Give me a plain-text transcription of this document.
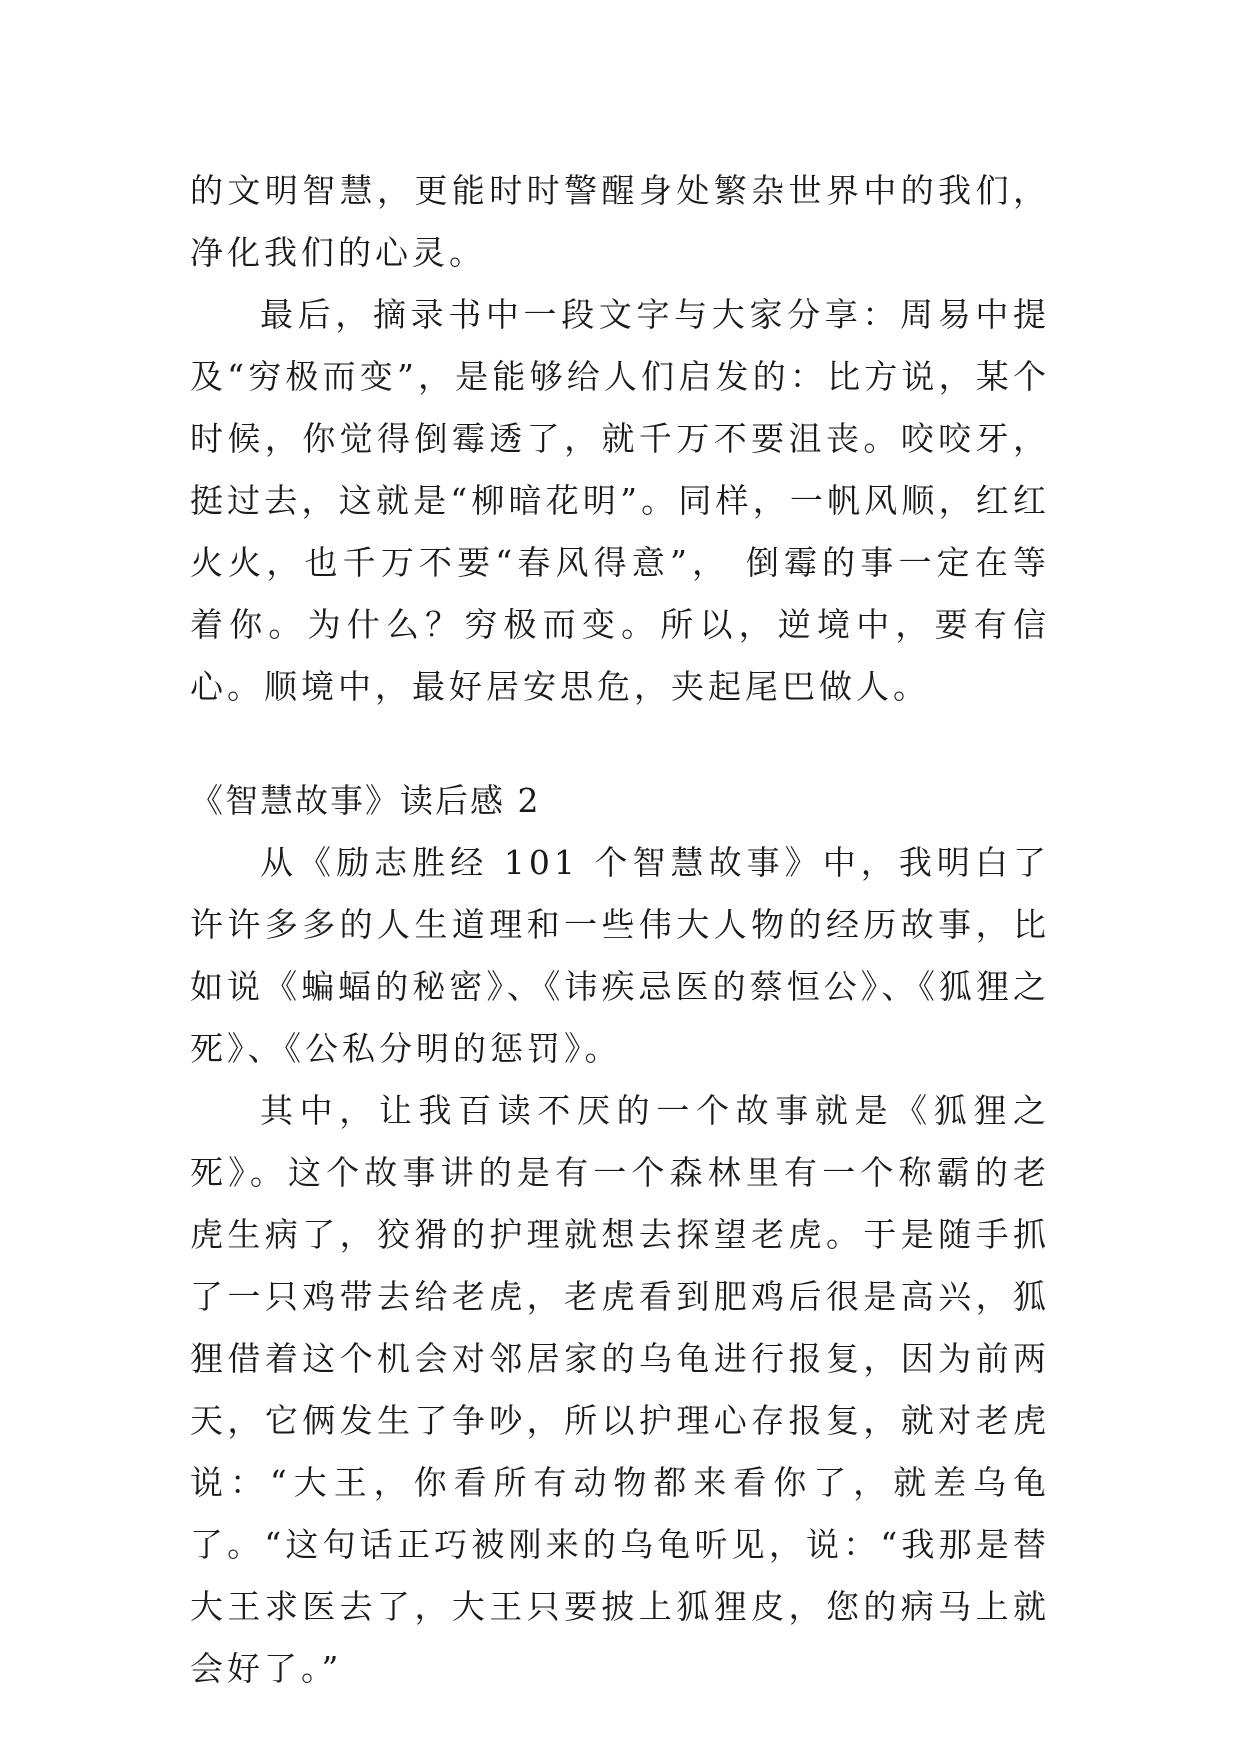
的文明智慧，更能时时警醒身处繁杂世界中的我们，净化我们的心灵。

最后，摘录书中一段文字与大家分享：周易中提及“穷极而变”，是能够给人们启发的：比方说，某个时候，你觉得倒霉透了，就千万不要沮丧。咬咬牙，挺过去，这就是“柳暗花明”。同样，一帆风顺，红红火火，也千万不要“春风得意”， 倒霉的事一定在等着你。为什么？穷极而变。所以，逆境中，要有信心。顺境中，最好居安思危，夹起尾巴做人。

《智慧故事》读后感 2

从《励志胜经 101 个智慧故事》中，我明白了许许多多的人生道理和一些伟大人物的经历故事，比如说《蝙蝠的秘密》、《讳疾忌医的蔡恒公》、《狐狸之死》、《公私分明的惩罚》。

其中，让我百读不厌的一个故事就是《狐狸之死》。这个故事讲的是有一个森林里有一个称霸的老虎生病了，狡猾的护理就想去探望老虎。于是随手抓了一只鸡带去给老虎，老虎看到肥鸡后很是高兴，狐狸借着这个机会对邻居家的乌龟进行报复，因为前两天，它俩发生了争吵，所以护理心存报复，就对老虎说：“大王，你看所有动物都来看你了，就差乌龟了。“这句话正巧被刚来的乌龟听见，说：“我那是替大王求医去了，大王只要披上狐狸皮，您的病马上就会好了。”
